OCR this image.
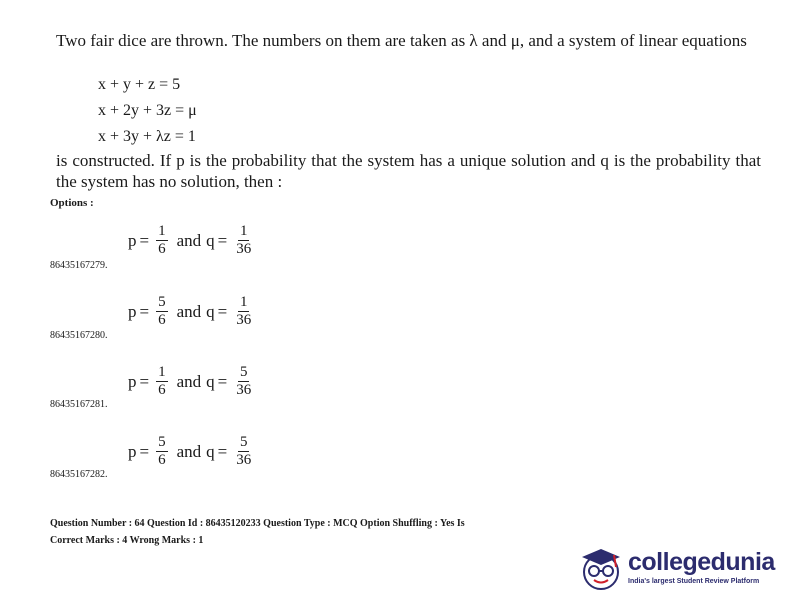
Two fair dice are thrown. The numbers on them are taken as λ and μ, and a system of linear equations

x + y + z = 5
x + 2y + 3z = μ
x + 3y + λz = 1

is constructed. If p is the probability that the system has a unique solution and q is the probability that the system has no solution, then :

Options :
$p = \frac{1}{6}$ and $q = \frac{1}{36}$
86435167279.
$p = \frac{5}{6}$ and $q = \frac{1}{36}$
86435167280.
$p = \frac{1}{6}$ and $q = \frac{5}{36}$
86435167281.
$p = \frac{5}{6}$ and $q = \frac{5}{36}$
86435167282.
Question Number : 64 Question Id : 86435120233 Question Type : MCQ Option Shuffling : Yes Is
Correct Marks : 4 Wrong Marks : 1
collegedunia
India's largest Student Review Platform
